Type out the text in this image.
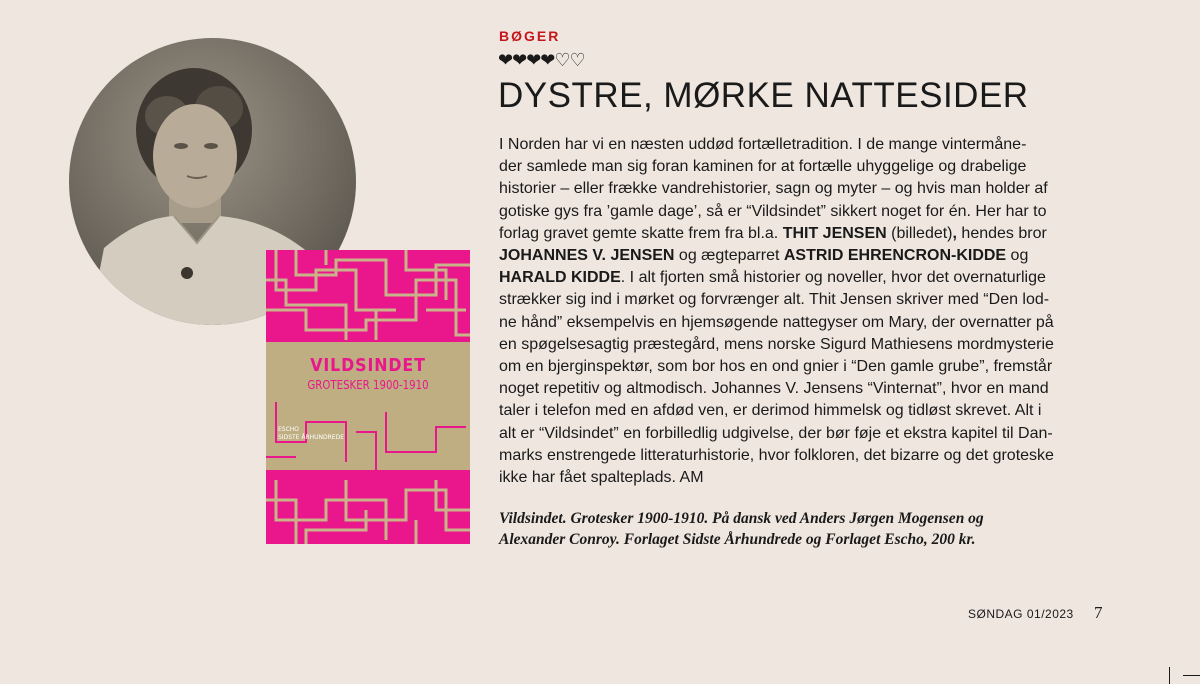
VILDSINDET
GROTESKER 1900-1910
ESCHO
SIDSTE ÅRHUNDREDE
BØGER
❤❤❤❤♡♡
DYSTRE, MØRKE NATTESIDER

I Norden har vi en næsten uddød fortælletradition. I de mange vintermåne-
der samlede man sig foran kaminen for at fortælle uhyggelige og drabelige
historier – eller frække vandrehistorier, sagn og myter – og hvis man holder af
gotiske gys fra ’gamle dage’, så er “Vildsindet” sikkert noget for én. Her har to
forlag gravet gemte skatte frem fra bl.a. THIT JENSEN (billedet), hendes bror
JOHANNES V. JENSEN og ægteparret ASTRID EHRENCRON-KIDDE og
HARALD KIDDE. I alt fjorten små historier og noveller, hvor det overnaturlige
strækker sig ind i mørket og forvrænger alt. Thit Jensen skriver med “Den lod-
ne hånd” eksempelvis en hjemsøgende nattegyser om Mary, der overnatter på
en spøgelsesagtig præstegård, mens norske Sigurd Mathiesens mordmysterie
om en bjerginspektør, som bor hos en ond gnier i “Den gamle grube”, fremstår
noget repetitiv og altmodisch. Johannes V. Jensens “Vinternat”, hvor en mand
taler i telefon med en afdød ven, er derimod himmelsk og tidløst skrevet. Alt i
alt er “Vildsindet” en forbilledlig udgivelse, der bør føje et ekstra kapitel til Dan-
marks enstrengede litteraturhistorie, hvor folkloren, det bizarre og det groteske
ikke har fået spalteplads. AM

Vildsindet. Grotesker 1900-1910. På dansk ved Anders Jørgen Mogensen og
Alexander Conroy. Forlaget Sidste Århundrede og Forlaget Escho, 200 kr.

SØNDAG 01/2023 7
